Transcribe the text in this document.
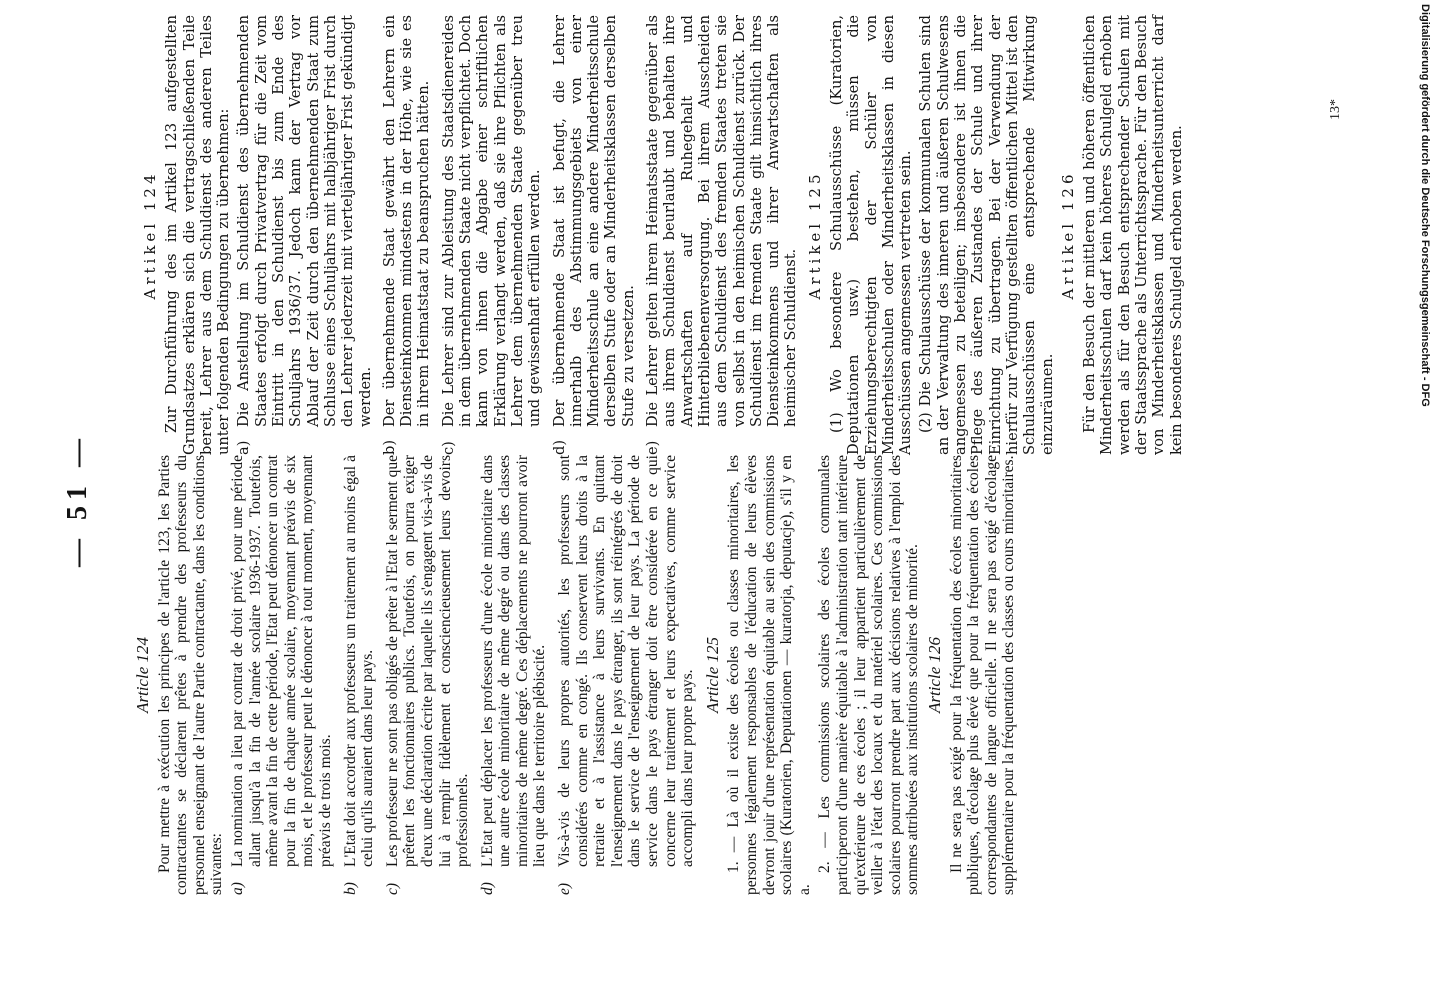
— 51 —
Article 124 Pour mettre à exécution les principes de l'article 123, les Parties contractantes se déclarent prêtes à prendre des professeurs du personnel enseignant de l'autre Partie contractante, dans les conditions suivantes: a)
La nomination a lieu par contrat de droit privé, pour une période allant jusqu'à la fin de l'année scolaire 1936-1937. Toutefois, même avant la fin de cette période, l'Etat peut dénoncer un contrat pour la fin de chaque année scolaire, moyennant préavis de six mois, et le professeur peut le dénoncer à tout moment, moyennant préavis de trois mois.
b)
L'Etat doit accorder aux professeurs un traitement au moins égal à celui qu'ils auraient dans leur pays.
c)
Les professeur ne sont pas obligés de prêter à l'Etat le serment que prêtent les fonctionnaires publics. Toutefois, on pourra exiger d'eux une déclaration écrite par laquelle ils s'engagent vis-à-vis de lui à remplir fidèlement et consciencieusement leurs devoirs professionnels.
d)
L'Etat peut déplacer les professeurs d'une école minoritaire dans une autre école minoritaire de même degré ou dans des classes minoritaires de même degré. Ces déplacements ne pourront avoir lieu que dans le territoire plébiscité.
e)
Vis-à-vis de leurs propres autorités, les professeurs sont considérés comme en congé. Ils conservent leurs droits à la retraite et à l'assistance à leurs survivants. En quittant l'enseignement dans le pays étranger, ils sont réintégrés de droit dans le service de l'enseignement de leur pays. La période de service dans le pays étranger doit être considérée en ce qui concerne leur traitement et leurs expectatives, comme service accompli dans leur propre pays. Article 125 1. — Là où il existe des écoles ou classes minoritaires, les personnes légalement responsables de l'éducation de leurs élèves devront jouir d'une représentation équitable au sein des commissions scolaires (Kuratorien, Deputationen — kuratorja, deputacje), s'il y en a.

2. — Les commissions scolaires des écoles communales participeront d'une manière équitable à l'administration tant intérieure qu'extérieure de ces écoles ; il leur appartient particulièrement de veiller à l'état des locaux et du matériel scolaires. Ces commissions scolaires pourront prendre part aux décisions relatives à l'emploi des sommes attribuées aux institutions scolaires de minorité. Article 126 Il ne sera pas exigé pour la fréquentation des écoles minoritaires publiques, d'écolage plus élevé que pour la fréquentation des écoles correspondantes de langue officielle. Il ne sera pas exigé d'écolage supplémentaire pour la fréquentation des classes ou cours minoritaires.

Artikel 124 Zur Durchführung des im Artikel 123 aufgestellten Grundsatzes erklären sich die vertragschließenden Teile bereit, Lehrer aus dem Schuldienst des anderen Teiles unter folgenden Bedingungen zu übernehmen: a)
Die Anstellung im Schuldienst des übernehmenden Staates erfolgt durch Privatvertrag für die Zeit vom Eintritt in den Schuldienst bis zum Ende des Schuljahrs 1936/37. Jedoch kann der Vertrag vor Ablauf der Zeit durch den übernehmenden Staat zum Schlusse eines Schuljahrs mit halbjähriger Frist durch den Lehrer jederzeit mit vierteljähriger Frist gekündigt werden.
b)
Der übernehmende Staat gewährt den Lehrern ein Diensteinkommen mindestens in der Höhe, wie sie es in ihrem Heimatstaat zu beanspruchen hätten.
c)
Die Lehrer sind zur Ableistung des Staatsdienereides in dem übernehmenden Staate nicht verpflichtet. Doch kann von ihnen die Abgabe einer schriftlichen Erklärung verlangt werden, daß sie ihre Pflichten als Lehrer dem übernehmenden Staate gegenüber treu und gewissenhaft erfüllen werden.
d)
Der übernehmende Staat ist befugt, die Lehrer innerhalb des Abstimmungsgebiets von einer Minderheitsschule an eine andere Minderheitsschule derselben Stufe oder an Minderheitsklassen derselben Stufe zu versetzen.
e)
Die Lehrer gelten ihrem Heimatsstaate gegenüber als aus ihrem Schuldienst beurlaubt und behalten ihre Anwartschaften auf Ruhegehalt und Hinterbliebenenversorgung. Bei ihrem Ausscheiden aus dem Schuldienst des fremden Staates treten sie von selbst in den heimischen Schuldienst zurück. Der Schuldienst im fremden Staate gilt hinsichtlich ihres Diensteinkommens und ihrer Anwartschaften als heimischer Schuldienst.
Artikel 125 (1) Wo besondere Schulausschüsse (Kuratorien, Deputationen usw.) bestehen, müssen die Erziehungsberechtigten der Schüler von Minderheitsschulen oder Minderheitsklassen in diesen Ausschüssen angemessen vertreten sein. (2) Die Schulausschüsse der kommunalen Schulen sind an der Verwaltung des inneren und äußeren Schulwesens angemessen zu beteiligen; insbesondere ist ihnen die Pflege des äußeren Zustandes der Schule und ihrer Einrichtung zu übertragen. Bei der Verwendung der hierfür zur Verfügung gestellten öffentlichen Mittel ist den Schulausschüssen eine entsprechende Mitwirkung einzuräumen.

Artikel 126 Für den Besuch der mittleren und höheren öffentlichen Minderheitsschulen darf kein höheres Schulgeld erhoben werden als für den Besuch entsprechender Schulen mit der Staatssprache als Unterrichtssprache. Für den Besuch von Minderheitsklassen und Minderheitsunterricht darf kein besonderes Schulgeld erhoben werden.

13*	Digitalisierung gefördert durch die Deutsche Forschungsgemeinschaft - DFG
